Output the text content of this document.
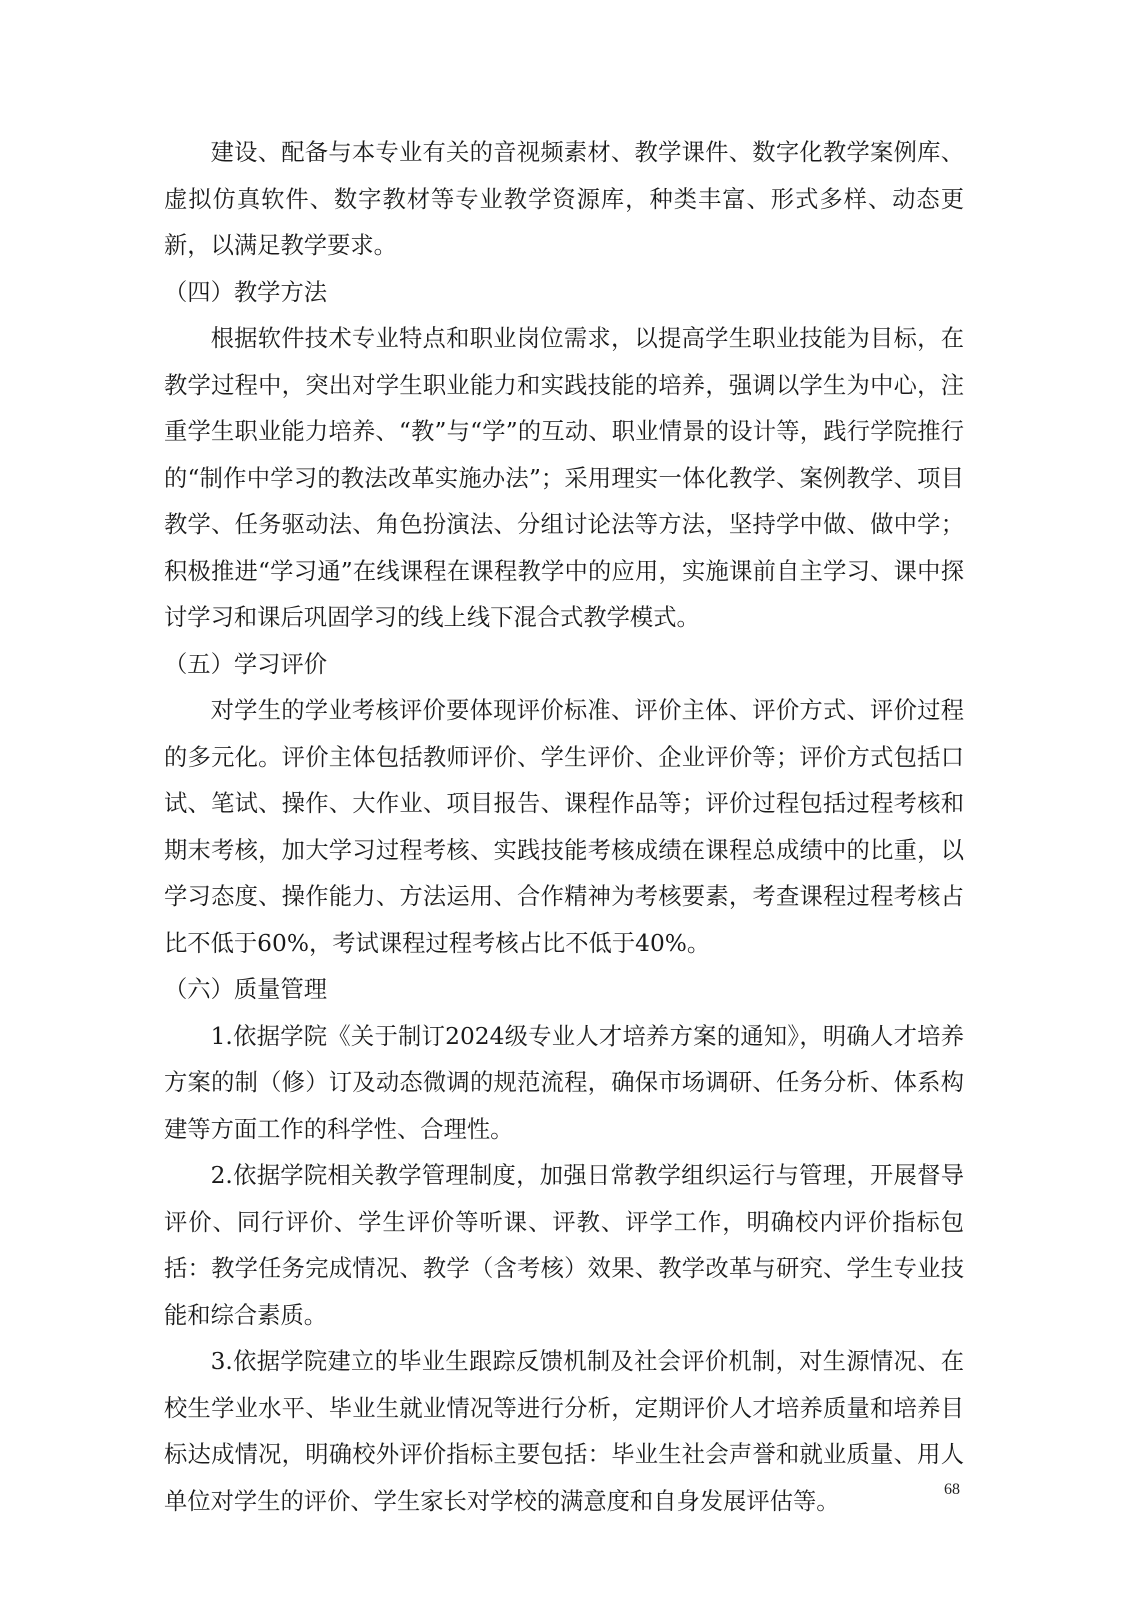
建设、配备与本专业有关的音视频素材、教学课件、数字化教学案例库、虚拟仿真软件、数字教材等专业教学资源库，种类丰富、形式多样、动态更新，以满足教学要求。

（四）教学方法

根据软件技术专业特点和职业岗位需求，以提高学生职业技能为目标，在教学过程中，突出对学生职业能力和实践技能的培养，强调以学生为中心，注重学生职业能力培养、“教”与“学”的互动、职业情景的设计等，践行学院推行的“制作中学习的教法改革实施办法”；采用理实一体化教学、案例教学、项目教学、任务驱动法、角色扮演法、分组讨论法等方法，坚持学中做、做中学；积极推进“学习通”在线课程在课程教学中的应用，实施课前自主学习、课中探讨学习和课后巩固学习的线上线下混合式教学模式。

（五）学习评价

对学生的学业考核评价要体现评价标准、评价主体、评价方式、评价过程的多元化。评价主体包括教师评价、学生评价、企业评价等；评价方式包括口试、笔试、操作、大作业、项目报告、课程作品等；评价过程包括过程考核和期末考核，加大学习过程考核、实践技能考核成绩在课程总成绩中的比重，以学习态度、操作能力、方法运用、合作精神为考核要素，考查课程过程考核占比不低于60%，考试课程过程考核占比不低于40%。

（六）质量管理

1.依据学院《关于制订2024级专业人才培养方案的通知》，明确人才培养方案的制（修）订及动态微调的规范流程，确保市场调研、任务分析、体系构建等方面工作的科学性、合理性。

2.依据学院相关教学管理制度，加强日常教学组织运行与管理，开展督导评价、同行评价、学生评价等听课、评教、评学工作，明确校内评价指标包括：教学任务完成情况、教学（含考核）效果、教学改革与研究、学生专业技能和综合素质。

3.依据学院建立的毕业生跟踪反馈机制及社会评价机制，对生源情况、在校生学业水平、毕业生就业情况等进行分析，定期评价人才培养质量和培养目标达成情况，明确校外评价指标主要包括：毕业生社会声誉和就业质量、用人单位对学生的评价、学生家长对学校的满意度和自身发展评估等。	68
